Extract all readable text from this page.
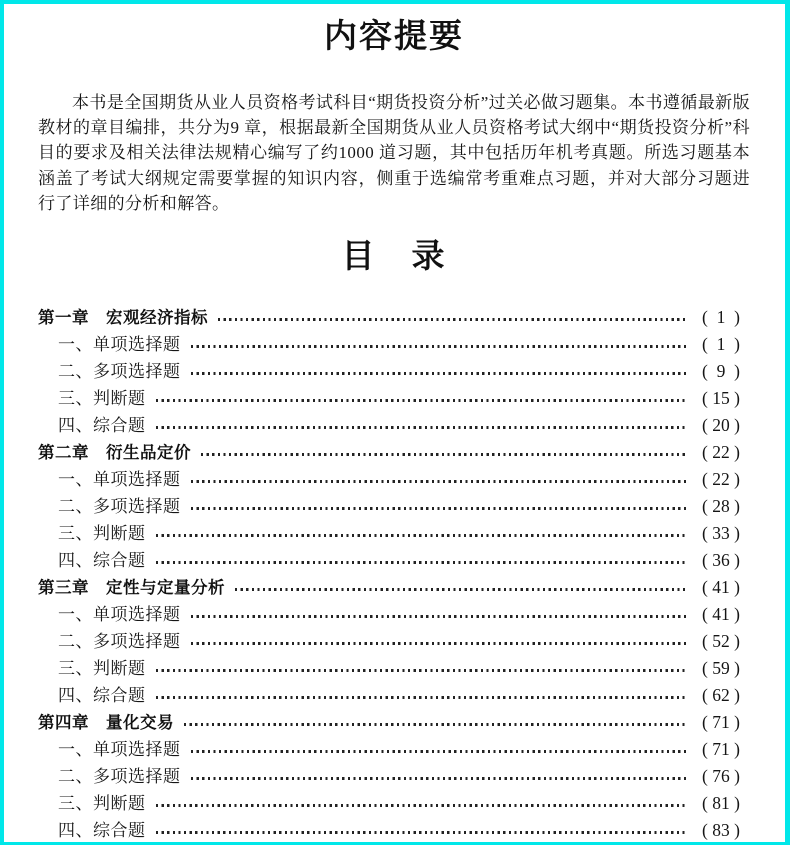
内容提要

本书是全国期货从业人员资格考试科目“期货投资分析”过关必做习题集。本书遵循最新版教材的章目编排，共分为9 章，根据最新全国期货从业人员资格考试大纲中“期货投资分析”科目的要求及相关法律法规精心编写了约1000 道习题，其中包括历年机考真题。所选习题基本涵盖了考试大纲规定需要掌握的知识内容，侧重于选编常考重难点习题，并对大部分习题进行了详细的分析和解答。

目　录
第一章　宏观经济指标	(  1  )
一、单项选择题	(  1  )
二、多项选择题	(  9  )
三、判断题	( 15 )
四、综合题	( 20 )
第二章　衍生品定价	( 22 )
一、单项选择题	( 22 )
二、多项选择题	( 28 )
三、判断题	( 33 )
四、综合题	( 36 )
第三章　定性与定量分析	( 41 )
一、单项选择题	( 41 )
二、多项选择题	( 52 )
三、判断题	( 59 )
四、综合题	( 62 )
第四章　量化交易	( 71 )
一、单项选择题	( 71 )
二、多项选择题	( 76 )
三、判断题	( 81 )
四、综合题	( 83 )
